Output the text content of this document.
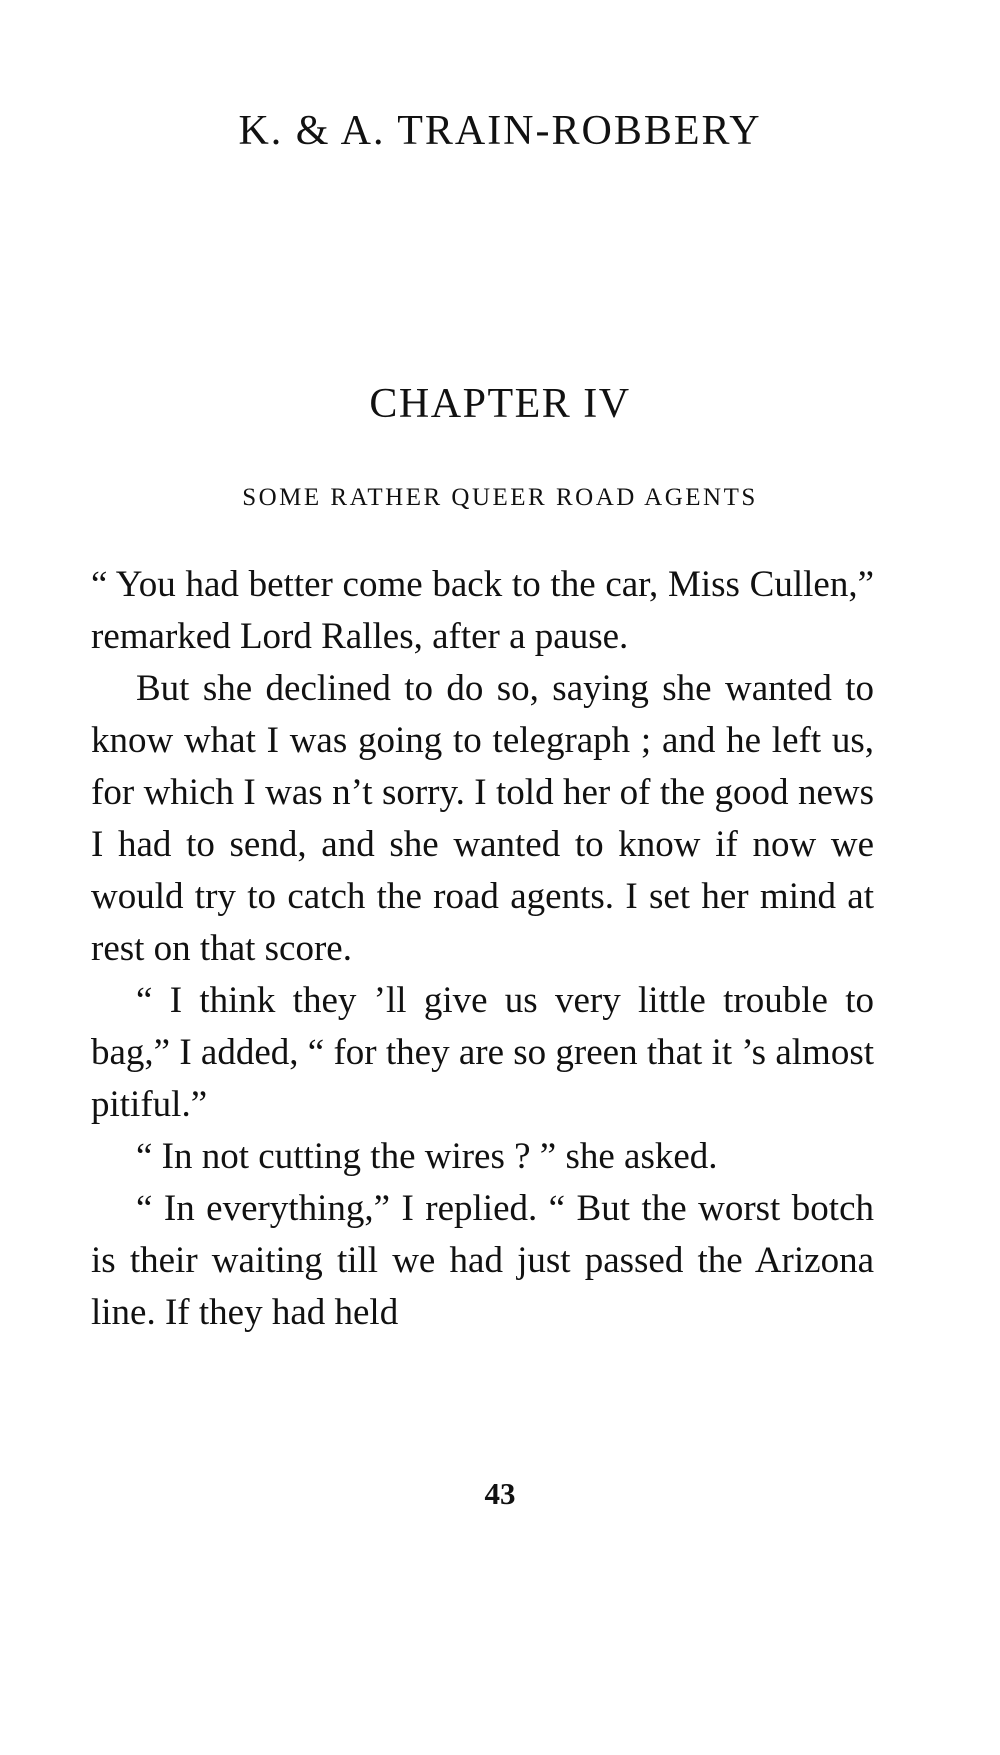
K. & A. TRAIN-ROBBERY
CHAPTER IV
SOME RATHER QUEER ROAD AGENTS

“ You had better come back to the car, Miss Cullen,” remarked Lord Ralles, after a pause.

But she declined to do so, saying she wanted to know what I was going to telegraph ; and he left us, for which I was n’t sorry. I told her of the good news I had to send, and she wanted to know if now we would try to catch the road agents. I set her mind at rest on that score.

“ I think they ’ll give us very little trouble to bag,” I added, “ for they are so green that it ’s almost pitiful.”

“ In not cutting the wires ? ” she asked.

“ In everything,” I replied. “ But the worst botch is their waiting till we had just passed the Arizona line. If they had held

43
